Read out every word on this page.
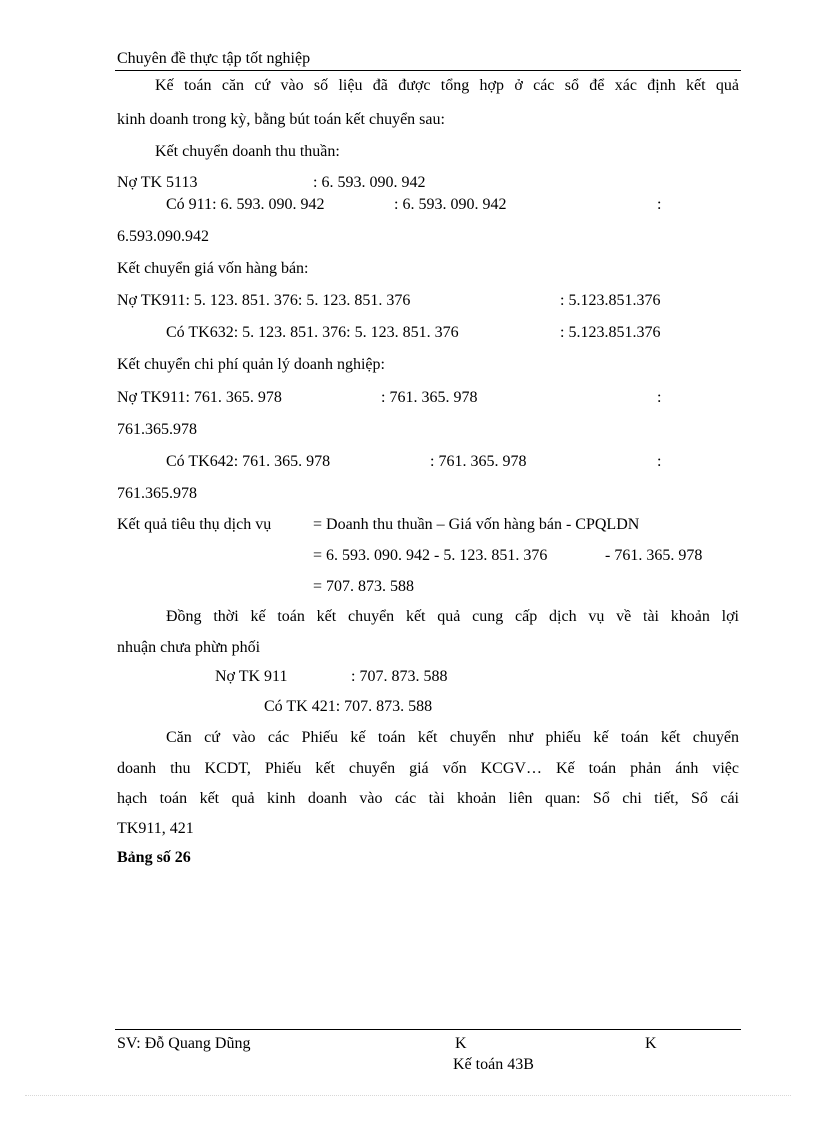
Chuyên đề thực tập tốt nghiệp
Kế toán căn cứ vào số liệu đã được tổng hợp ở các sổ để xác định kết quả
kinh doanh trong kỳ, bằng bút toán kết chuyển sau:
Kết chuyển doanh thu thuần:
Nợ TK 5113	: 6. 593. 090. 942
Có 911: 6. 593. 090. 942	: 6. 593. 090. 942	:
6.593.090.942
Kết chuyển giá vốn hàng bán:
Nợ TK911: 5. 123. 851. 376: 5. 123. 851. 376	: 5.123.851.376
Có TK632: 5. 123. 851. 376: 5. 123. 851. 376	: 5.123.851.376
Kết chuyển chi phí quản lý doanh nghiệp:
Nợ TK911: 761. 365. 978	: 761. 365. 978	:
761.365.978
Có TK642: 761. 365. 978	: 761. 365. 978	:
761.365.978
Kết quả tiêu thụ dịch vụ	= Doanh thu thuần – Giá vốn hàng bán - CPQLDN
= 6. 593. 090. 942 - 5. 123. 851. 376	- 761. 365. 978
= 707. 873. 588
Đồng thời kế toán kết chuyển kết quả cung cấp dịch vụ về tài khoản lợi
nhuận chưa phừn phối
Nợ TK 911	: 707. 873. 588
Có TK 421: 707. 873. 588
Căn cứ vào các Phiếu kế toán kết chuyển như phiếu kế toán kết chuyển
doanh thu KCDT, Phiếu kết chuyển giá vốn KCGV… Kế toán phản ánh việc
hạch toán kết quả kinh doanh vào các tài khoản liên quan: Sổ chi tiết, Sổ cái
TK911, 421
Bảng số 26
SV: Đỗ Quang Dũng	K	K
Kế toán 43B
